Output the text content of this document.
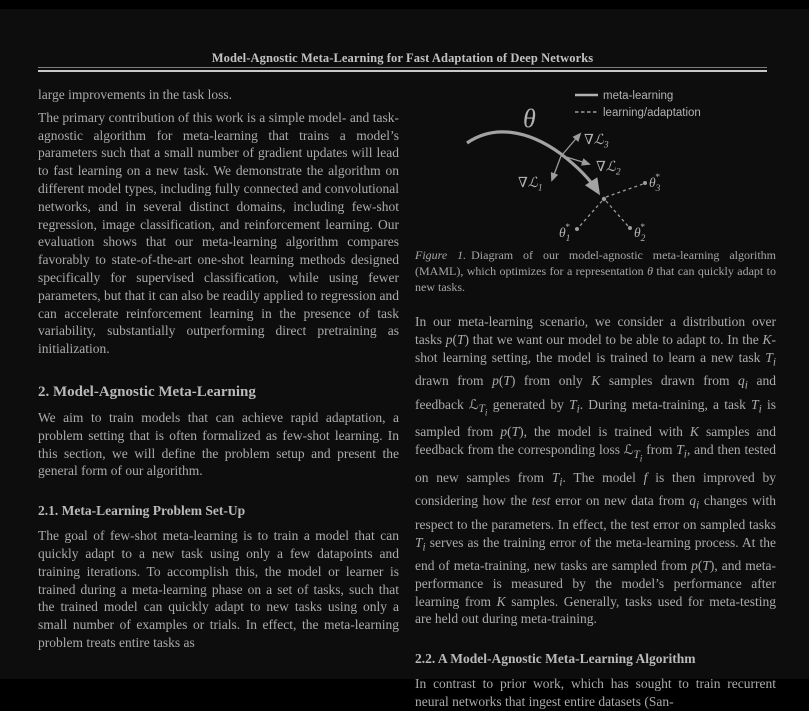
Model-Agnostic Meta-Learning for Fast Adaptation of Deep Networks

large improvements in the task loss.

The primary contribution of this work is a simple model- and task-agnostic algorithm for meta-learning that trains a model’s parameters such that a small number of gradient updates will lead to fast learning on a new task. We demonstrate the algorithm on different model types, including fully connected and convolutional networks, and in several distinct domains, including few-shot regression, image classification, and reinforcement learning. Our evaluation shows that our meta-learning algorithm compares favorably to state-of-the-art one-shot learning methods designed specifically for supervised classification, while using fewer parameters, but that it can also be readily applied to regression and can accelerate reinforcement learning in the presence of task variability, substantially outperforming direct pretraining as initialization.

2. Model-Agnostic Meta-Learning

We aim to train models that can achieve rapid adaptation, a problem setting that is often formalized as few-shot learning. In this section, we will define the problem setup and present the general form of our algorithm.

2.1. Meta-Learning Problem Set-Up

The goal of few-shot meta-learning is to train a model that can quickly adapt to a new task using only a few datapoints and training iterations. To accomplish this, the model or learner is trained during a meta-learning phase on a set of tasks, such that the trained model can quickly adapt to new tasks using only a small number of examples or trials. In effect, the meta-learning problem treats entire tasks as

meta-learning
learning/adaptation
θ
∇ℒ$_3$
∇ℒ$_2$
∇ℒ$_1$	$\theta_3*$
$\theta_2*$
$\theta_1*$

Figure 1. Diagram of our model-agnostic meta-learning algorithm (MAML), which optimizes for a representation θ that can quickly adapt to new tasks.

In our meta-learning scenario, we consider a distribution over tasks p(T) that we want our model to be able to adapt to. In the K-shot learning setting, the model is trained to learn a new task $T_i$ drawn from p(T) from only K samples drawn from $q_i$ and feedback ℒ$_{T_i}$ generated by $T_i$. During meta-training, a task $T_i$ is sampled from p(T), the model is trained with K samples and feedback from the corresponding loss ℒ$_{T_i}$ from $T_i$, and then tested on new samples from $T_i$. The model f is then improved by considering how the test error on new data from $q_i$ changes with respect to the parameters. In effect, the test error on sampled tasks $T_i$ serves as the training error of the meta-learning process. At the end of meta-training, new tasks are sampled from p(T), and meta-performance is measured by the model’s performance after learning from K samples. Generally, tasks used for meta-testing are held out during meta-training.

2.2. A Model-Agnostic Meta-Learning Algorithm

In contrast to prior work, which has sought to train recurrent neural networks that ingest entire datasets (San-
